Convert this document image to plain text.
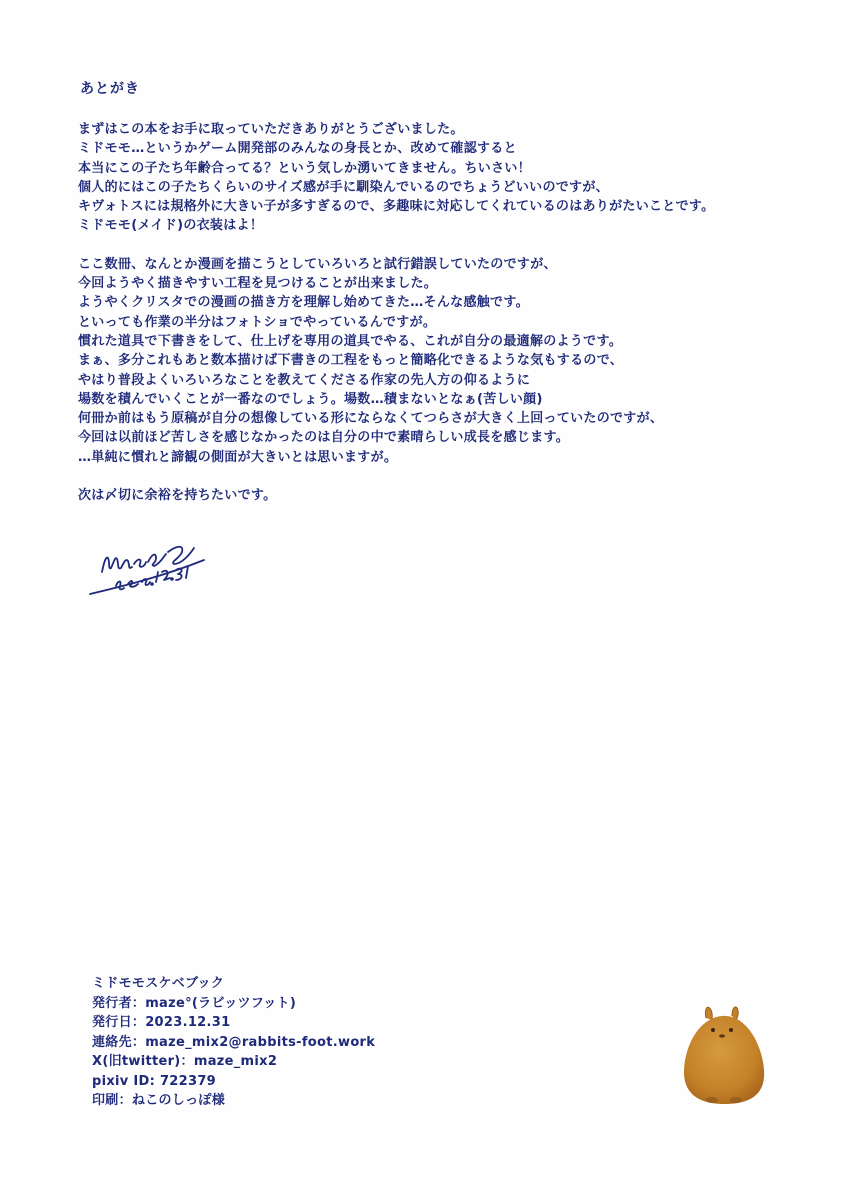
あとがき
まずはこの本をお手に取っていただきありがとうございました。
ミドモモ…というかゲーム開発部のみんなの身長とか、改めて確認すると
本当にこの子たち年齢合ってる？という気しか湧いてきません。ちいさい！
個人的にはこの子たちくらいのサイズ感が手に馴染んでいるのでちょうどいいのですが、
キヴォトスには規格外に大きい子が多すぎるので、多趣味に対応してくれているのはありがたいことです。
ミドモモ(メイド)の衣装はよ！
ここ数冊、なんとか漫画を描こうとしていろいろと試行錯誤していたのですが、
今回ようやく描きやすい工程を見つけることが出来ました。
ようやくクリスタでの漫画の描き方を理解し始めてきた…そんな感触です。
といっても作業の半分はフォトショでやっているんですが。
慣れた道具で下書きをして、仕上げを専用の道具でやる、これが自分の最適解のようです。
まぁ、多分これもあと数本描けば下書きの工程をもっと簡略化できるような気もするので、
やはり普段よくいろいろなことを教えてくださる作家の先人方の仰るように
場数を積んでいくことが一番なのでしょう。場数…積まないとなぁ(苦しい顔)
何冊か前はもう原稿が自分の想像している形にならなくてつらさが大きく上回っていたのですが、
今回は以前ほど苦しさを感じなかったのは自分の中で素晴らしい成長を感じます。
…単純に慣れと諦観の側面が大きいとは思いますが。
次は〆切に余裕を持ちたいです。
ミドモモスケベブック
発行者：maze°(ラビッツフット)
発行日：2023.12.31
連絡先：maze_mix2@rabbits-foot.work
X(旧twitter)：maze_mix2
pixiv ID: 722379
印刷：ねこのしっぽ様
